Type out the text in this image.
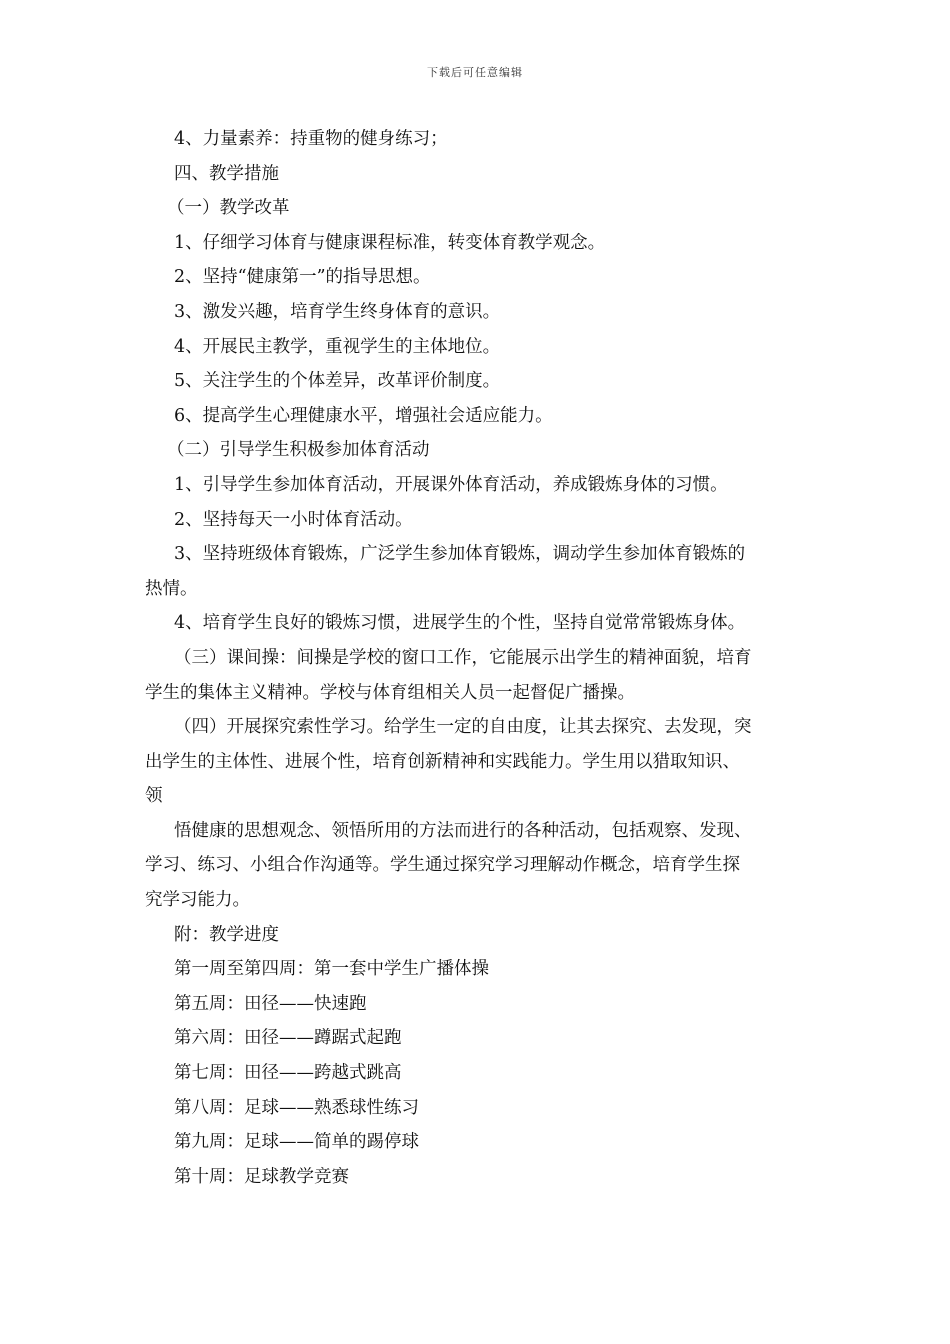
下载后可任意编辑
4、力量素养：持重物的健身练习；
四、教学措施
（一）教学改革
1、仔细学习体育与健康课程标准，转变体育教学观念。
2、坚持“健康第一”的指导思想。
3、激发兴趣，培育学生终身体育的意识。
4、开展民主教学，重视学生的主体地位。
5、关注学生的个体差异，改革评价制度。
6、提高学生心理健康水平，增强社会适应能力。
（二）引导学生积极参加体育活动
1、引导学生参加体育活动，开展课外体育活动，养成锻炼身体的习惯。
2、坚持每天一小时体育活动。
3、坚持班级体育锻炼，广泛学生参加体育锻炼，调动学生参加体育锻炼的
热情。
4、培育学生良好的锻炼习惯，进展学生的个性，坚持自觉常常锻炼身体。
（三）课间操：间操是学校的窗口工作，它能展示出学生的精神面貌，培育
学生的集体主义精神。学校与体育组相关人员一起督促广播操。
（四）开展探究索性学习。给学生一定的自由度，让其去探究、去发现，突
出学生的主体性、进展个性，培育创新精神和实践能力。学生用以猎取知识、
领
悟健康的思想观念、领悟所用的方法而进行的各种活动，包括观察、发现、
学习、练习、小组合作沟通等。学生通过探究学习理解动作概念，培育学生探
究学习能力。
附：教学进度
第一周至第四周：第一套中学生广播体操
第五周：田径——快速跑
第六周：田径——蹲踞式起跑
第七周：田径——跨越式跳高
第八周：足球——熟悉球性练习
第九周：足球——简单的踢停球
第十周：足球教学竞赛
